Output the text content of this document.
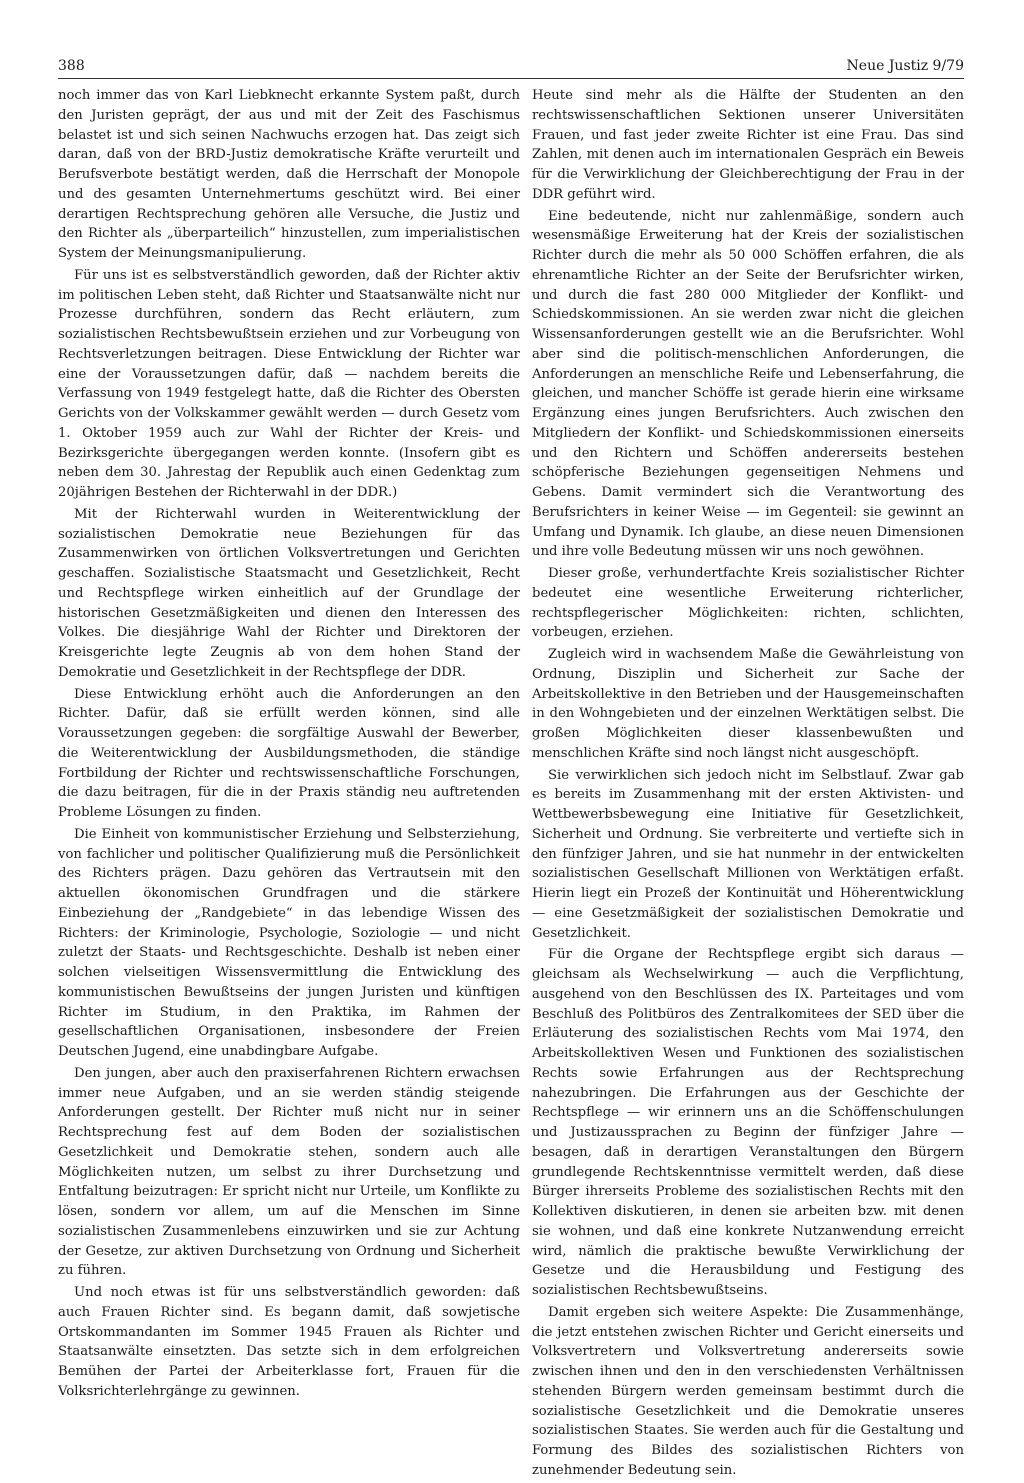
388	Neue Justiz 9/79

noch immer das von Karl Liebknecht erkannte System paßt, durch den Juristen geprägt, der aus und mit der Zeit des Faschismus belastet ist und sich seinen Nachwuchs erzogen hat. Das zeigt sich daran, daß von der BRD-Justiz demokratische Kräfte verurteilt und Berufsverbote bestätigt werden, daß die Herrschaft der Monopole und des gesamten Unternehmertums geschützt wird. Bei einer derartigen Rechtsprechung gehören alle Versuche, die Justiz und den Richter als „überparteilich“ hinzustellen, zum imperialistischen System der Meinungsmanipulierung.

Für uns ist es selbstverständlich geworden, daß der Richter aktiv im politischen Leben steht, daß Richter und Staatsanwälte nicht nur Prozesse durchführen, sondern das Recht erläutern, zum sozialistischen Rechtsbewußtsein erziehen und zur Vorbeugung von Rechtsverletzungen beitragen. Diese Entwicklung der Richter war eine der Voraussetzungen dafür, daß — nachdem bereits die Verfassung von 1949 festgelegt hatte, daß die Richter des Obersten Gerichts von der Volkskammer gewählt werden — durch Gesetz vom 1. Oktober 1959 auch zur Wahl der Richter der Kreis- und Bezirksgerichte übergegangen werden konnte. (Insofern gibt es neben dem 30. Jahrestag der Republik auch einen Gedenktag zum 20jährigen Bestehen der Richterwahl in der DDR.)

Mit der Richterwahl wurden in Weiterentwicklung der sozialistischen Demokratie neue Beziehungen für das Zusammenwirken von örtlichen Volksvertretungen und Gerichten geschaffen. Sozialistische Staatsmacht und Gesetzlichkeit, Recht und Rechtspflege wirken einheitlich auf der Grundlage der historischen Gesetzmäßigkeiten und dienen den Interessen des Volkes. Die diesjährige Wahl der Richter und Direktoren der Kreisgerichte legte Zeugnis ab von dem hohen Stand der Demokratie und Gesetzlichkeit in der Rechtspflege der DDR.

Diese Entwicklung erhöht auch die Anforderungen an den Richter. Dafür, daß sie erfüllt werden können, sind alle Voraussetzungen gegeben: die sorgfältige Auswahl der Bewerber, die Weiterentwicklung der Ausbildungsmethoden, die ständige Fortbildung der Richter und rechtswissenschaftliche Forschungen, die dazu beitragen, für die in der Praxis ständig neu auftretenden Probleme Lösungen zu finden.

Die Einheit von kommunistischer Erziehung und Selbsterziehung, von fachlicher und politischer Qualifizierung muß die Persönlichkeit des Richters prägen. Dazu gehören das Vertrautsein mit den aktuellen ökonomischen Grundfragen und die stärkere Einbeziehung der „Randgebiete“ in das lebendige Wissen des Richters: der Kriminologie, Psychologie, Soziologie — und nicht zuletzt der Staats- und Rechtsgeschichte. Deshalb ist neben einer solchen vielseitigen Wissensvermittlung die Entwicklung des kommunistischen Bewußtseins der jungen Juristen und künftigen Richter im Studium, in den Praktika, im Rahmen der gesellschaftlichen Organisationen, insbesondere der Freien Deutschen Jugend, eine unabdingbare Aufgabe.

Den jungen, aber auch den praxiserfahrenen Richtern erwachsen immer neue Aufgaben, und an sie werden ständig steigende Anforderungen gestellt. Der Richter muß nicht nur in seiner Rechtsprechung fest auf dem Boden der sozialistischen Gesetzlichkeit und Demokratie stehen, sondern auch alle Möglichkeiten nutzen, um selbst zu ihrer Durchsetzung und Entfaltung beizutragen: Er spricht nicht nur Urteile, um Konflikte zu lösen, sondern vor allem, um auf die Menschen im Sinne sozialistischen Zusammenlebens einzuwirken und sie zur Achtung der Gesetze, zur aktiven Durchsetzung von Ordnung und Sicherheit zu führen.

Und noch etwas ist für uns selbstverständlich geworden: daß auch Frauen Richter sind. Es begann damit, daß sowjetische Ortskommandanten im Sommer 1945 Frauen als Richter und Staatsanwälte einsetzten. Das setzte sich in dem erfolgreichen Bemühen der Partei der Arbeiterklasse fort, Frauen für die Volksrichterlehrgänge zu gewinnen.

Heute sind mehr als die Hälfte der Studenten an den rechtswissenschaftlichen Sektionen unserer Universitäten Frauen, und fast jeder zweite Richter ist eine Frau. Das sind Zahlen, mit denen auch im internationalen Gespräch ein Beweis für die Verwirklichung der Gleichberechtigung der Frau in der DDR geführt wird.

Eine bedeutende, nicht nur zahlenmäßige, sondern auch wesensmäßige Erweiterung hat der Kreis der sozialistischen Richter durch die mehr als 50 000 Schöffen erfahren, die als ehrenamtliche Richter an der Seite der Berufsrichter wirken, und durch die fast 280 000 Mitglieder der Konflikt- und Schiedskommissionen. An sie werden zwar nicht die gleichen Wissensanforderungen gestellt wie an die Berufsrichter. Wohl aber sind die politisch-menschlichen Anforderungen, die Anforderungen an menschliche Reife und Lebenserfahrung, die gleichen, und mancher Schöffe ist gerade hierin eine wirksame Ergänzung eines jungen Berufsrichters. Auch zwischen den Mitgliedern der Konflikt- und Schiedskommissionen einerseits und den Richtern und Schöffen andererseits bestehen schöpferische Beziehungen gegenseitigen Nehmens und Gebens. Damit vermindert sich die Verantwortung des Berufsrichters in keiner Weise — im Gegenteil: sie gewinnt an Umfang und Dynamik. Ich glaube, an diese neuen Dimensionen und ihre volle Bedeutung müssen wir uns noch gewöhnen.

Dieser große, verhundertfachte Kreis sozialistischer Richter bedeutet eine wesentliche Erweiterung richterlicher, rechtspflegerischer Möglichkeiten: richten, schlichten, vorbeugen, erziehen.

Zugleich wird in wachsendem Maße die Gewährleistung von Ordnung, Disziplin und Sicherheit zur Sache der Arbeitskollektive in den Betrieben und der Hausgemeinschaften in den Wohngebieten und der einzelnen Werktätigen selbst. Die großen Möglichkeiten dieser klassenbewußten und menschlichen Kräfte sind noch längst nicht ausgeschöpft.

Sie verwirklichen sich jedoch nicht im Selbstlauf. Zwar gab es bereits im Zusammenhang mit der ersten Aktivisten- und Wettbewerbsbewegung eine Initiative für Gesetzlichkeit, Sicherheit und Ordnung. Sie verbreiterte und vertiefte sich in den fünfziger Jahren, und sie hat nunmehr in der entwickelten sozialistischen Gesellschaft Millionen von Werktätigen erfaßt. Hierin liegt ein Prozeß der Kontinuität und Höherentwicklung — eine Gesetzmäßigkeit der sozialistischen Demokratie und Gesetzlichkeit.

Für die Organe der Rechtspflege ergibt sich daraus — gleichsam als Wechselwirkung — auch die Verpflichtung, ausgehend von den Beschlüssen des IX. Parteitages und vom Beschluß des Politbüros des Zentralkomitees der SED über die Erläuterung des sozialistischen Rechts vom Mai 1974, den Arbeitskollektiven Wesen und Funktionen des sozialistischen Rechts sowie Erfahrungen aus der Rechtsprechung nahezubringen. Die Erfahrungen aus der Geschichte der Rechtspflege — wir erinnern uns an die Schöffenschulungen und Justizaussprachen zu Beginn der fünfziger Jahre — besagen, daß in derartigen Veranstaltungen den Bürgern grundlegende Rechtskenntnisse vermittelt werden, daß diese Bürger ihrerseits Probleme des sozialistischen Rechts mit den Kollektiven diskutieren, in denen sie arbeiten bzw. mit denen sie wohnen, und daß eine konkrete Nutzanwendung erreicht wird, nämlich die praktische bewußte Verwirklichung der Gesetze und die Herausbildung und Festigung des sozialistischen Rechtsbewußtseins.

Damit ergeben sich weitere Aspekte: Die Zusammenhänge, die jetzt entstehen zwischen Richter und Gericht einerseits und Volksvertretern und Volksvertretung andererseits sowie zwischen ihnen und den in den verschiedensten Verhältnissen stehenden Bürgern werden gemeinsam bestimmt durch die sozialistische Gesetzlichkeit und die Demokratie unseres sozialistischen Staates. Sie werden auch für die Gestaltung und Formung des Bildes des sozialistischen Richters von zunehmender Bedeutung sein.
